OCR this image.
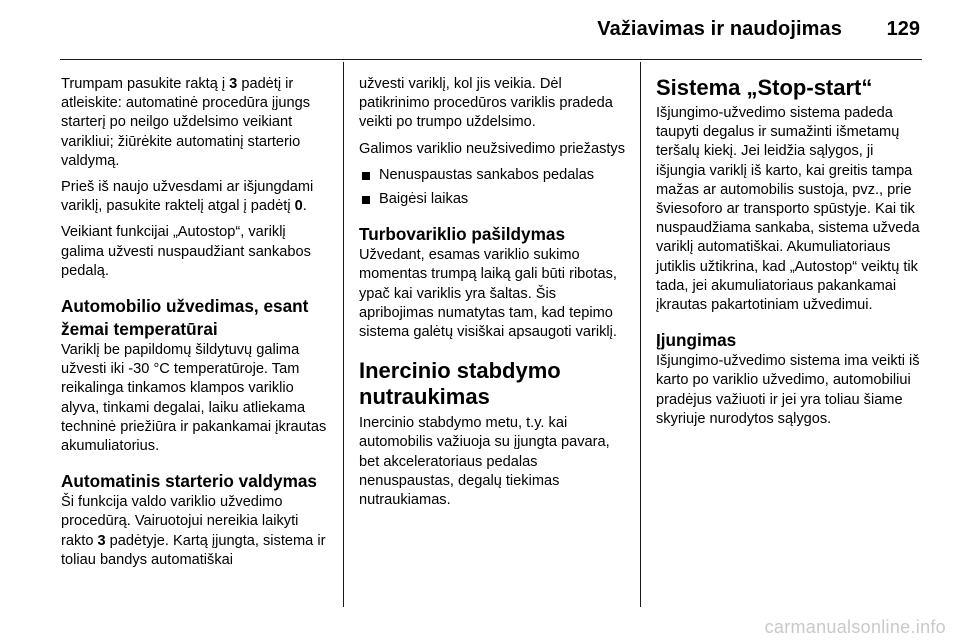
Važiavimas ir naudojimas 129

Trumpam pasukite raktą į 3 padėtį ir atleiskite: automatinė procedūra įjungs starterį po neilgo uždelsimo veikiant varikliui; žiūrėkite automatinį starterio valdymą.

Prieš iš naujo užvesdami ar išjungdami variklį, pasukite raktelį atgal į padėtį 0.

Veikiant funkcijai „Autostop“, variklį galima užvesti nuspaudžiant sankabos pedalą.

Automobilio užvedimas, esant žemai temperatūrai

Variklį be papildomų šildytuvų galima užvesti iki -30 °C temperatūroje. Tam reikalinga tinkamos klampos variklio alyva, tinkami degalai, laiku atliekama techninė priežiūra ir pakankamai įkrautas akumuliatorius.

Automatinis starterio valdymas

Ši funkcija valdo variklio užvedimo procedūrą. Vairuotojui nereikia laikyti rakto 3 padėtyje. Kartą įjungta, sistema ir toliau bandys automatiškai

užvesti variklį, kol jis veikia. Dėl patikrinimo procedūros variklis pradeda veikti po trumpo uždelsimo.

Galimos variklio neužsivedimo priežastys

Nenuspaustas sankabos pedalas
Baigėsi laikas
Turbovariklio pašildymas

Užvedant, esamas variklio sukimo momentas trumpą laiką gali būti ribotas, ypač kai variklis yra šaltas. Šis apribojimas numatytas tam, kad tepimo sistema galėtų visiškai apsaugoti variklį.

Inercinio stabdymo nutraukimas

Inercinio stabdymo metu, t.y. kai automobilis važiuoja su įjungta pavara, bet akceleratoriaus pedalas nenuspaustas, degalų tiekimas nutraukiamas.

Sistema „Stop-start“

Išjungimo-užvedimo sistema padeda taupyti degalus ir sumažinti išmetamų teršalų kiekį. Jei leidžia sąlygos, ji išjungia variklį iš karto, kai greitis tampa mažas ar automobilis sustoja, pvz., prie šviesoforo ar transporto spūstyje. Kai tik nuspaudžiama sankaba, sistema užveda variklį automatiškai. Akumuliatoriaus jutiklis užtikrina, kad „Autostop“ veiktų tik tada, jei akumuliatoriaus pakankamai įkrautas pakartotiniam užvedimui.

Įjungimas

Išjungimo-užvedimo sistema ima veikti iš karto po variklio užvedimo, automobiliui pradėjus važiuoti ir jei yra toliau šiame skyriuje nurodytos sąlygos.

carmanualsonline.info
